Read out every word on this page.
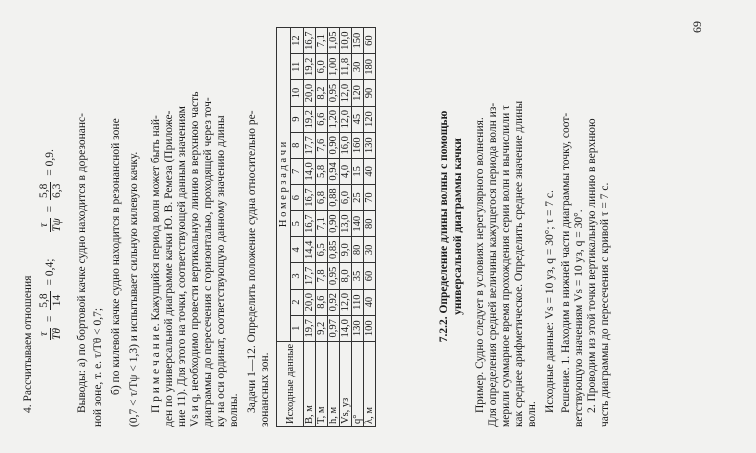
4. Рассчитываем отношения τ Tθ
=
5,8 14
= 0,4;
τ Tψ
=
5,8 6,3
= 0,9.	Выводы: а) по бортовой качке судно находится в дорезонанс- ной зоне, т. е. τ/Tθ < 0,7; б) по килевой качке судно находится в резонансной зоне (0,7 < τ/Tψ < 1,3) и испытывает сильную килевую качку. П р и м е ч а н и е. Кажущийся период волн может быть най- ден по универсальной диаграмме качки Ю. В. Ремеза (Приложе- ние 11). Для этого на точки, соответствующей данным значениям Vs и q, необходимо провести вертикальную линию в верхнюю часть диаграммы до пересечения с горизонталью, проходящей через точ- ку на оси ординат, соответствующую данному значению длины волны. Задачи 1—12. Определить положение судна относительно ре- зонансных зон. Исходные данные	Н о м е р з а д а ч и											
	1	2	3	4	5	6	7	8	9	10	11	12
B, м	19,7	20,0	17,7	14,4	16,7	16,7	14,0	17,7	19,2	20,0	19,2	16,7
T, м	9,2	8,6	7,8	6,5	7,1	6,8	5,8	7,6	6,6	8,2	6,0	7,1
h, м	0,97	0,92	0,95	0,85	0,90	0,88	0,94	0,90	1,20	0,95	1,00	1,05
Vs, уз	14,0	12,0	8,0	9,0	13,0	6,0	4,0	16,0	12,0	12,0	11,8	10,0
q°	130	110	35	80	140	25	15	160	45	120	30	150
λ, м	100	40	60	30	80	70	40	130	120	90	180	60
7.2.2. Определение длины волны с помощью универсальной диаграммы качки Пример. Судно следует в условиях нерегулярного волнения. Для определения средней величины кажущегося периода волн из- мерили суммарное время прохождения серии волн и вычислили τ как среднее арифметическое. Определить среднее значение длины волн.
Исходные данные: Vs = 10 уз, q = 30°; τ = 7 с. Решение. 1. Находим в нижней части диаграммы точку, соот- ветствующую значениям Vs = 10 уз, q = 30°. 2. Проводим из этой точки вертикальную линию в верхнюю часть диаграммы до пересечения с кривой τ = 7 с.
69
